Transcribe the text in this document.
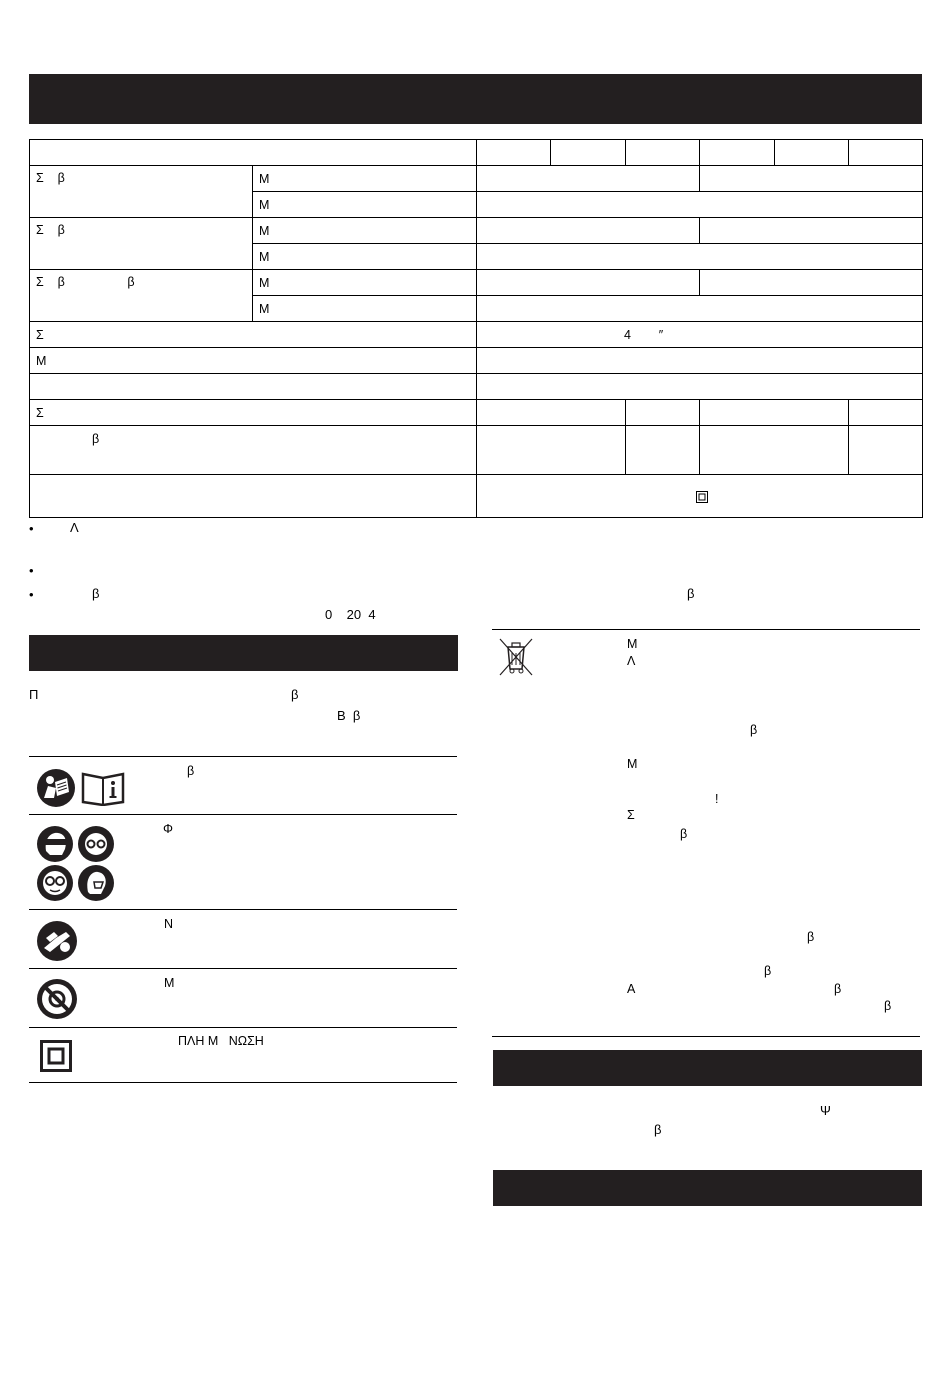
Σ    β	Μ						
	Μ						
Σ    β	Μ						
	Μ						
Σ    β                  β	Μ						
	Μ						
Σ		4        ″					
Μ							

Σ							
β							

•	Λ
•
•	β	β
0    20  4
Π	β
Β  β
β
Φ
Ν
Μ
ΠΛΗ Μ   ΝΩΣΗ
Μ
Λ
β
Μ
!
Σ
β
β
β
Α	β
β
Ψ
β
